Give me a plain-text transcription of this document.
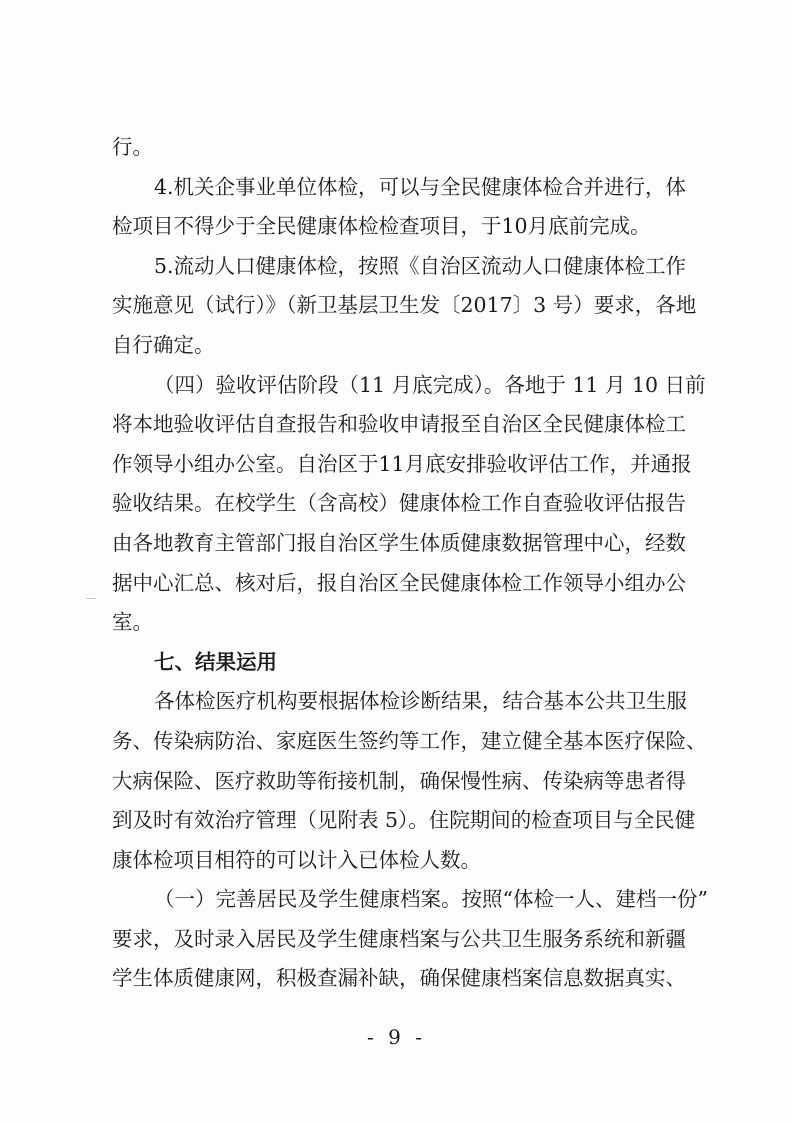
行。
4.机关企事业单位体检，可以与全民健康体检合并进行，体
检项目不得少于全民健康体检检查项目，于10月底前完成。
5.流动人口健康体检，按照《自治区流动人口健康体检工作
实施意见（试行）》（新卫基层卫生发〔2017〕3 号）要求，各地
自行确定。
（四）验收评估阶段（11 月底完成）。各地于 11 月 10 日前
将本地验收评估自查报告和验收申请报至自治区全民健康体检工
作领导小组办公室。自治区于11月底安排验收评估工作，并通报
验收结果。在校学生（含高校）健康体检工作自查验收评估报告
由各地教育主管部门报自治区学生体质健康数据管理中心，经数
据中心汇总、核对后，报自治区全民健康体检工作领导小组办公
室。
七、结果运用
各体检医疗机构要根据体检诊断结果，结合基本公共卫生服
务、传染病防治、家庭医生签约等工作，建立健全基本医疗保险、
大病保险、医疗救助等衔接机制，确保慢性病、传染病等患者得
到及时有效治疗管理（见附表 5）。住院期间的检查项目与全民健
康体检项目相符的可以计入已体检人数。
（一）完善居民及学生健康档案。按照“体检一人、建档一份”
要求，及时录入居民及学生健康档案与公共卫生服务系统和新疆
学生体质健康网，积极查漏补缺，确保健康档案信息数据真实、
- 9 -
